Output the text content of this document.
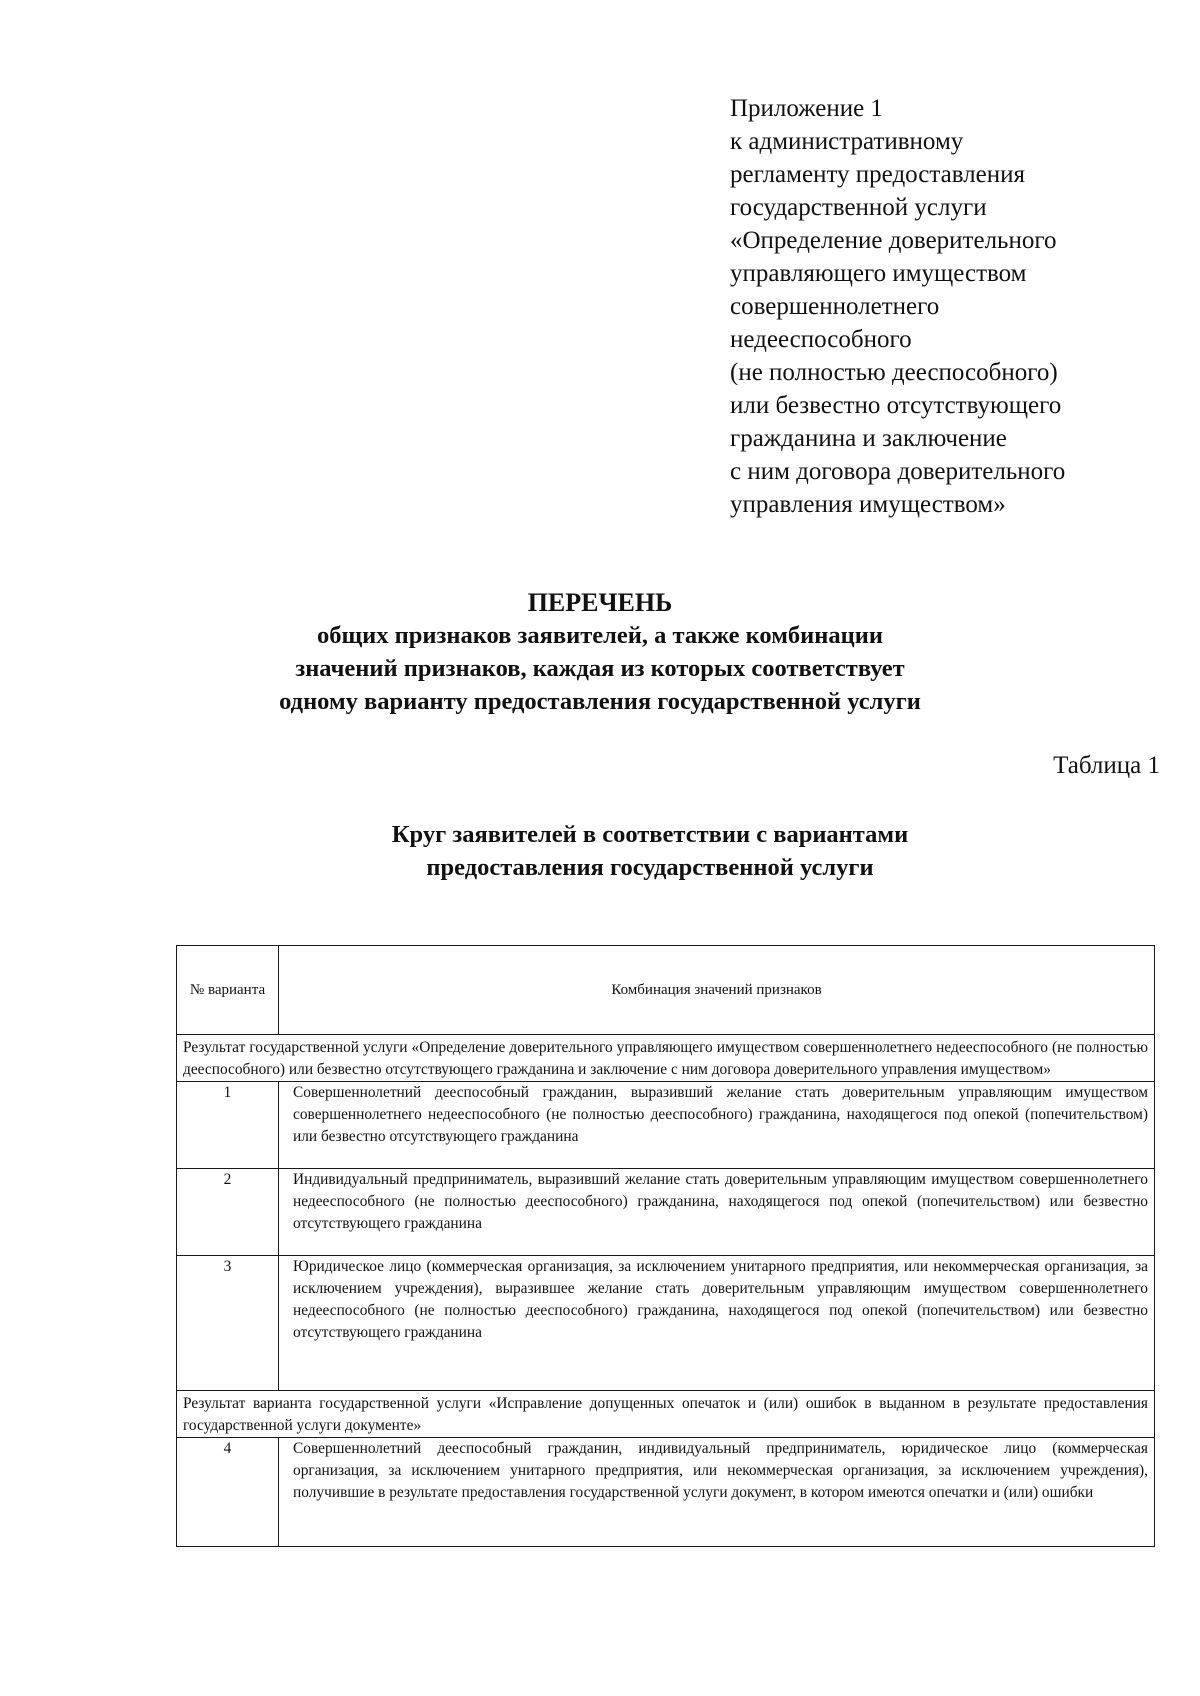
Приложение 1
к административному
регламенту предоставления
государственной услуги
«Определение доверительного
управляющего имуществом
совершеннолетнего
недееспособного
(не полностью дееспособного)
или безвестно отсутствующего
гражданина и заключение
с ним договора доверительного
управления имуществом»
ПЕРЕЧЕНЬ
общих признаков заявителей, а также комбинации
значений признаков, каждая из которых соответствует
одному варианту предоставления государственной услуги
Таблица 1
Круг заявителей в соответствии с вариантами
предоставления государственной услуги
№ варианта	Комбинация значений признаков
Результат государственной услуги «Определение доверительного управляющего имуществом совершеннолетнего недееспособного (не полностью дееспособного) или безвестно отсутствующего гражданина и заключение с ним договора доверительного управления имуществом»	
1	Совершеннолетний дееспособный гражданин, выразивший желание стать доверительным управляющим имуществом совершеннолетнего недееспособного (не полностью дееспособного) гражданина, находящегося под опекой (попечительством) или безвестно отсутствующего гражданина
2	Индивидуальный предприниматель, выразивший желание стать доверительным управляющим имуществом совершеннолетнего недееспособного (не полностью дееспособного) гражданина, находящегося под опекой (попечительством) или безвестно отсутствующего гражданина
3	Юридическое лицо (коммерческая организация, за исключением унитарного предприятия, или некоммерческая организация, за исключением учреждения), выразившее желание стать доверительным управляющим имуществом совершеннолетнего недееспособного (не полностью дееспособного) гражданина, находящегося под опекой (попечительством) или безвестно отсутствующего гражданина
Результат варианта государственной услуги «Исправление допущенных опечаток и (или) ошибок в выданном в результате предоставления государственной услуги документе»	
4	Совершеннолетний дееспособный гражданин, индивидуальный предприниматель, юридическое лицо (коммерческая организация, за исключением унитарного предприятия, или некоммерческая организация, за исключением учреждения), получившие в результате предоставления государственной услуги документ, в котором имеются опечатки и (или) ошибки
